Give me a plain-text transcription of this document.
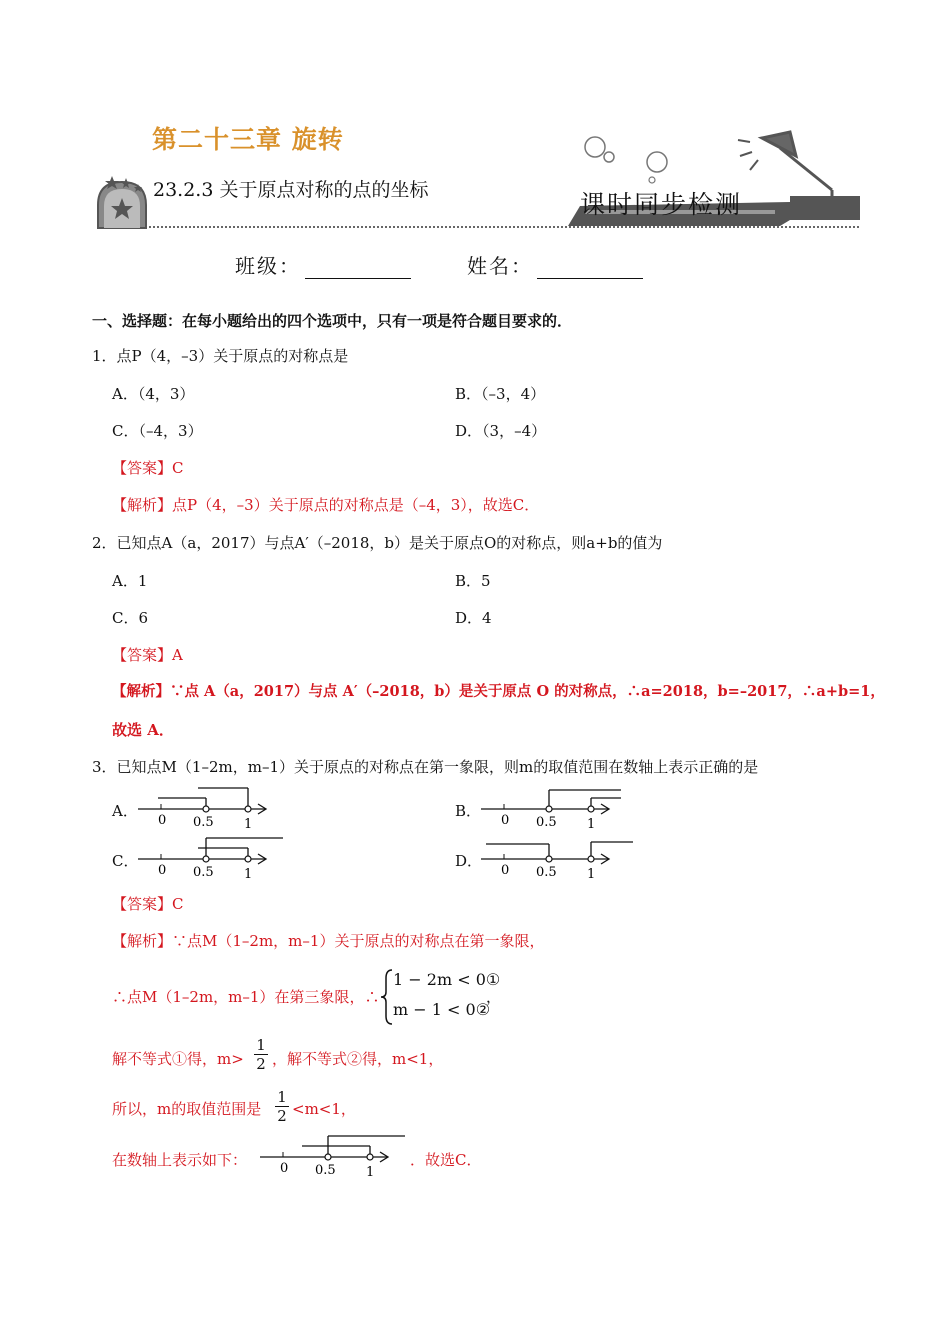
第二十三章 旋转
23.2.3 关于原点对称的点的坐标	课时同步检测
班级：	姓名：
一、选择题：在每小题给出的四个选项中，只有一项是符合题目要求的．
1．点P（4，–3）关于原点的对称点是
A．（4，3）	B．（–3，4）
C．（–4，3）	D．（3，–4）
【答案】C
【解析】点P（4，–3）关于原点的对称点是（–4，3），故选C．
2．已知点A（a，2017）与点A′（–2018，b）是关于原点O的对称点，则a+b的值为
A．1	B．5
C．6	D．4
【答案】A
【解析】∵点 A（a，2017）与点 A′（–2018，b）是关于原点 O 的对称点，∴a=2018，b=–2017，∴a+b=1，
故选 A．
3．已知点M（1–2m，m–1）关于原点的对称点在第一象限，则m的取值范围在数轴上表示正确的是
A．	B．
C．	D．
0 0.5 1	0 0.5 1
0 0.5 1	0 0.5 1
【答案】C
【解析】∵点M（1–2m，m–1）关于原点的对称点在第一象限，
∴点M（1–2m，m–1）在第三象限，∴
1 − 2m < 0①
m − 1 < 0②
，
解不等式①得，m>
1
2 ，解不等式②得，m<1，
所以，m的取值范围是
1
2 <m<1，
在数轴上表示如下：	0 0.5 1
．故选C．
